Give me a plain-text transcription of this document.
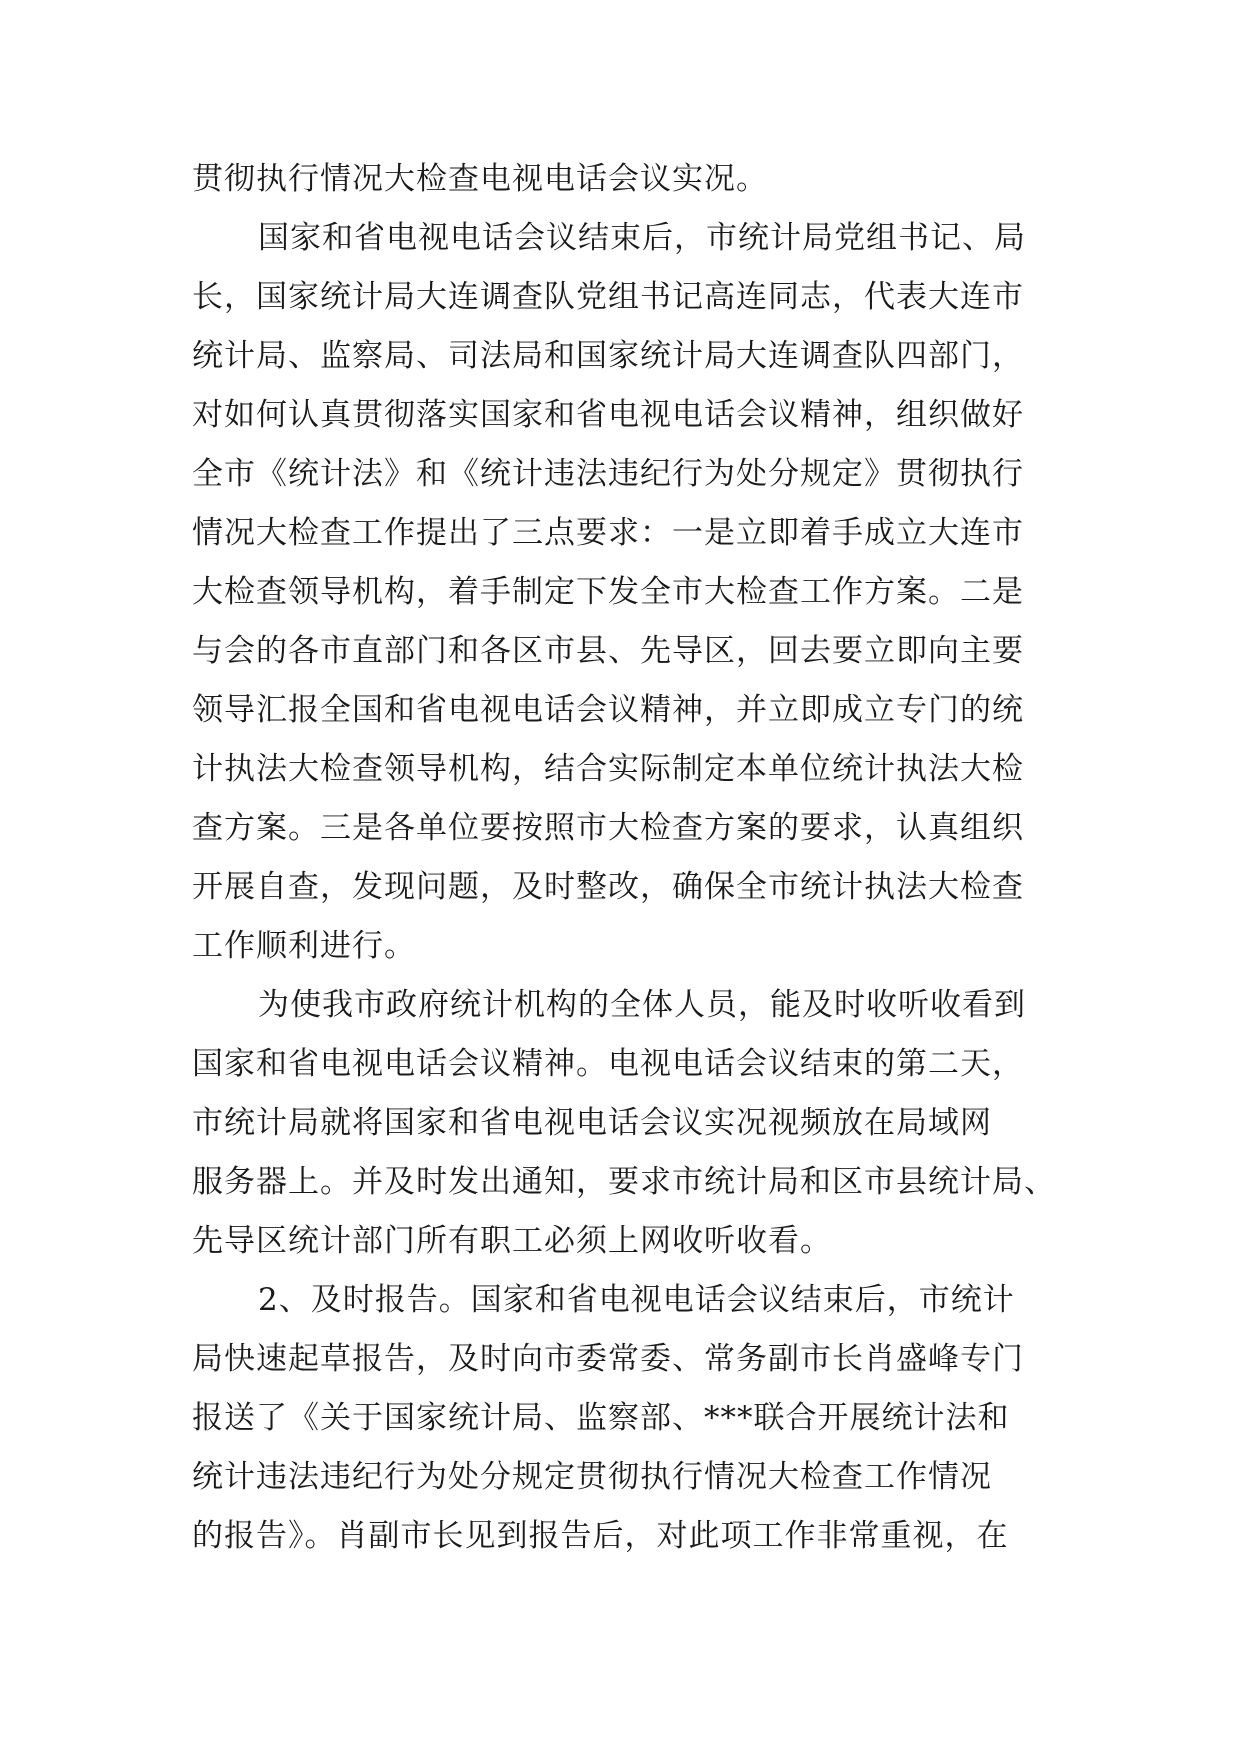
贯彻执行情况大检查电视电话会议实况。
国家和省电视电话会议结束后，市统计局党组书记、局
长，国家统计局大连调查队党组书记高连同志，代表大连市
统计局、监察局、司法局和国家统计局大连调查队四部门，
对如何认真贯彻落实国家和省电视电话会议精神，组织做好
全市《统计法》和《统计违法违纪行为处分规定》贯彻执行
情况大检查工作提出了三点要求：一是立即着手成立大连市
大检查领导机构，着手制定下发全市大检查工作方案。二是
与会的各市直部门和各区市县、先导区，回去要立即向主要
领导汇报全国和省电视电话会议精神，并立即成立专门的统
计执法大检查领导机构，结合实际制定本单位统计执法大检
查方案。三是各单位要按照市大检查方案的要求，认真组织
开展自查，发现问题，及时整改，确保全市统计执法大检查
工作顺利进行。
为使我市政府统计机构的全体人员，能及时收听收看到
国家和省电视电话会议精神。电视电话会议结束的第二天，
市统计局就将国家和省电视电话会议实况视频放在局域网
服务器上。并及时发出通知，要求市统计局和区市县统计局、
先导区统计部门所有职工必须上网收听收看。
2、及时报告。国家和省电视电话会议结束后，市统计
局快速起草报告，及时向市委常委、常务副市长肖盛峰专门
报送了《关于国家统计局、监察部、***联合开展统计法和
统计违法违纪行为处分规定贯彻执行情况大检查工作情况
的报告》。肖副市长见到报告后，对此项工作非常重视，在
